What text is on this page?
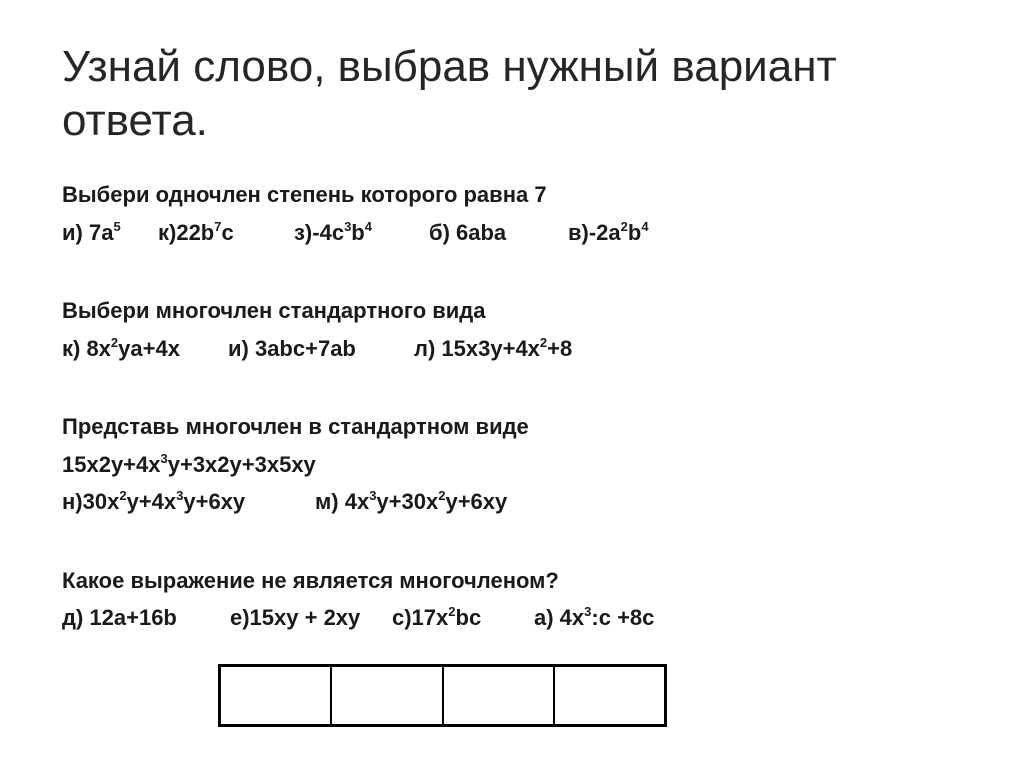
Узнай слово, выбрав нужный вариант ответа.
Выбери одночлен степень которого равна 7
и) $7a^5$ $к)22b^7c$	$з)-4c^3b^4$	б) 6aba	$в)-2a^2b^4$
Выбери многочлен стандартного вида
к) $8x^2ya+4x$ и) 3abc+7ab	л) $15x3y+4x^2+8$
Представь многочлен в стандартном виде
$15x2y+4x^3y+3x2y+3x5xy$
$н)30x^2y+4x^3y+6xy$	м) $4x^3y+30x^2y+6xy$
Какое выражение не является многочленом?
д) 12a+16b е)15xy + 2xy $с)17x^2bc$ а) $4x^3:c +8c$
